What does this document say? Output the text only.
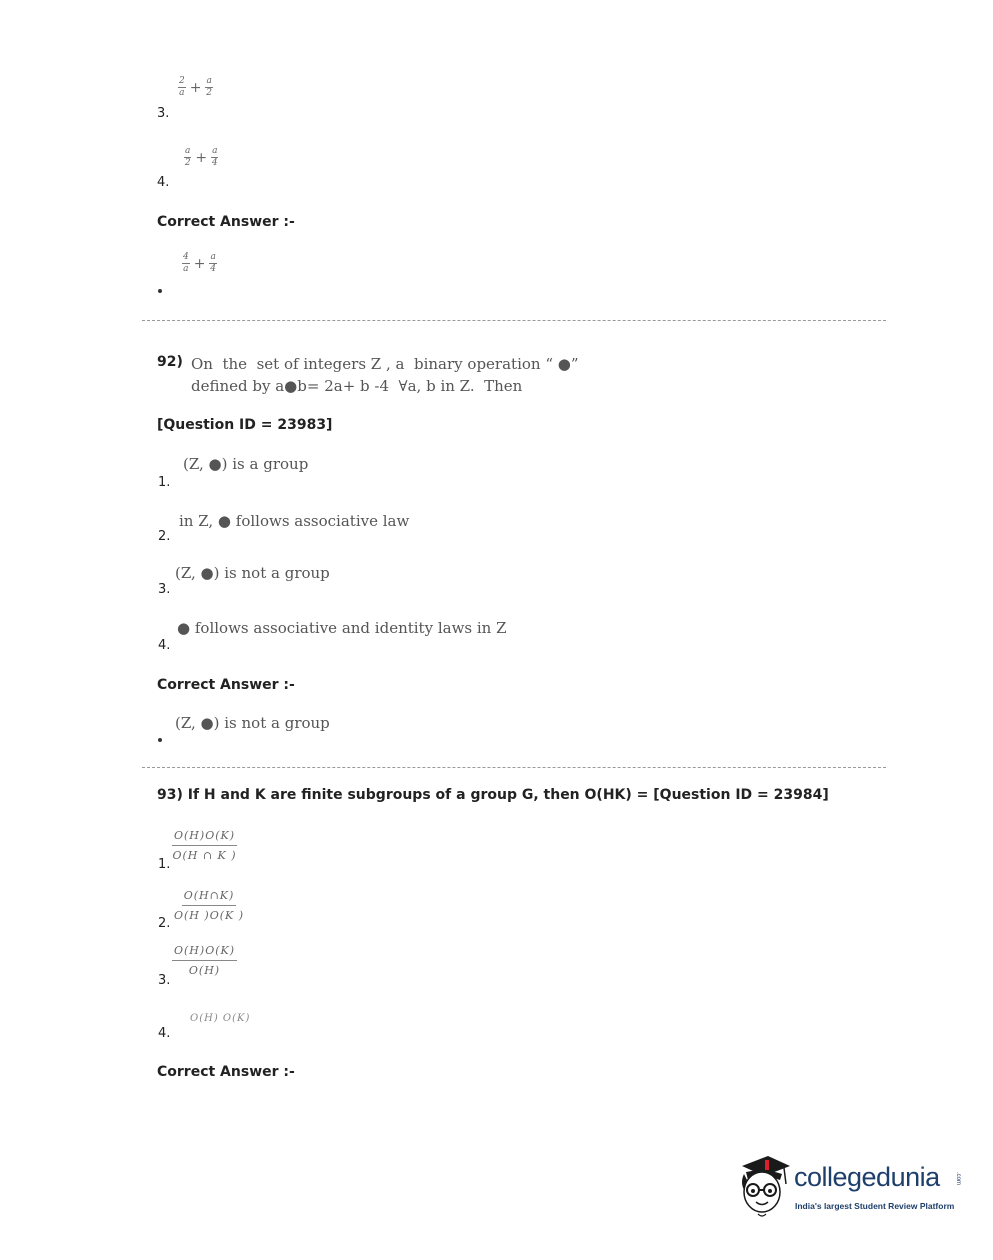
2
$a + \frac{a}{2}$
3.
a
$2 + \frac{a}{4}$
4.
Correct Answer :-
4
$a + \frac{a}{4}$
92) On  the  set of integers Z , a  binary operation “ ●”
defined by a●b= 2a+ b -4  ∀a, b in Z.  Then
[Question ID = 23983]
(Z, ●) is a group
1.
in Z, ● follows associative law
2.
(Z, ●) is not a group
3.
● follows associative and identity laws in Z
4.
Correct Answer :-
(Z, ●) is not a group
93) If H and K are finite subgroups of a group G, then O(HK) = [Question ID = 23984]
O(H)O(K)
O(H ∩ K )
1.
O(H∩K)
O(H )O(K )
2.
O(H)O(K)
O(H)
3.
O(H) O(K)
4.
Correct Answer :-
collegedunia	.com
India's largest Student Review Platform
